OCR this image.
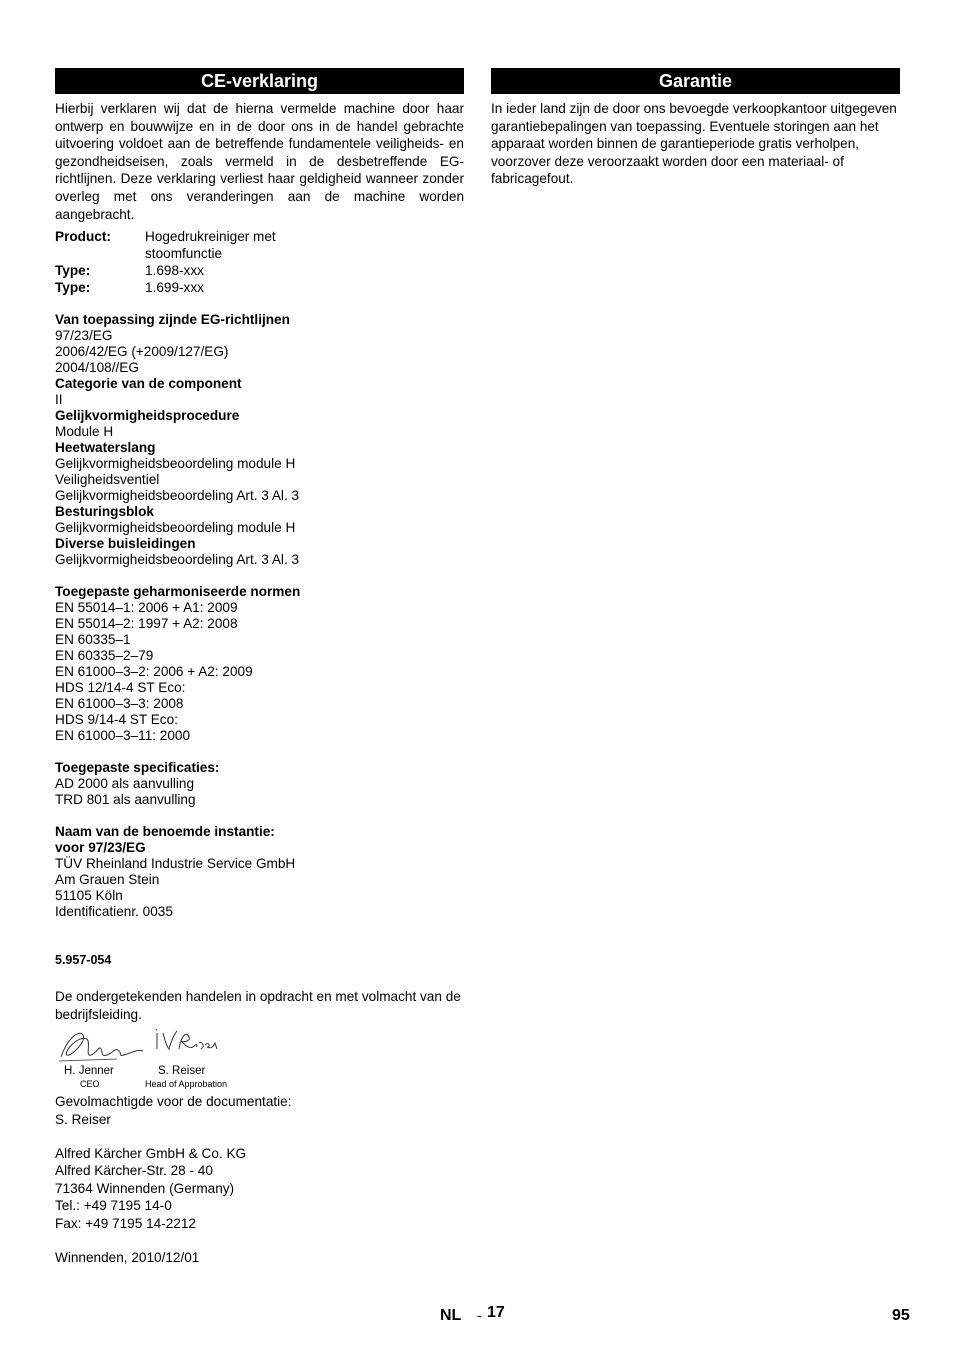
CE-verklaring
Hierbij verklaren wij dat de hierna vermelde machine door haar ontwerp en bouwwijze en in de door ons in de handel gebrachte uitvoering voldoet aan de betreffende fundamentele veiligheids- en gezondheidseisen, zoals vermeld in de desbetreffende EG-richtlijnen. Deze verklaring verliest haar geldigheid wanneer zonder overleg met ons veranderingen aan de machine worden aangebracht.
Product:	Hogedrukreiniger met
	stoomfunctie
Type:	1.698-xxx
Type:	1.699-xxx
Van toepassing zijnde EG-richtlijnen
97/23/EG
2006/42/EG (+2009/127/EG)
2004/108//EG
Categorie van de component
II
Gelijkvormigheidsprocedure
Module H
Heetwaterslang
Gelijkvormigheidsbeoordeling module H
Veiligheidsventiel
Gelijkvormigheidsbeoordeling Art. 3 Al. 3
Besturingsblok
Gelijkvormigheidsbeoordeling module H
Diverse buisleidingen
Gelijkvormigheidsbeoordeling Art. 3 Al. 3
Toegepaste geharmoniseerde normen
EN 55014–1: 2006 + A1: 2009
EN 55014–2: 1997 + A2: 2008
EN 60335–1
EN 60335–2–79
EN 61000–3–2: 2006 + A2: 2009
HDS 12/14-4 ST Eco:
EN 61000–3–3: 2008
HDS 9/14-4 ST Eco:
EN 61000–3–11: 2000
Toegepaste specificaties:
AD 2000 als aanvulling
TRD 801 als aanvulling
Naam van de benoemde instantie:
voor 97/23/EG
TÜV Rheinland Industrie Service GmbH
Am Grauen Stein
51105 Köln
Identificatienr. 0035
5.957-054
De ondergetekenden handelen in opdracht en met volmacht van de bedrijfsleiding.
H. Jenner
CEO
S. Reiser
Head of Approbation
Gevolmachtigde voor de documentatie:
S. Reiser
Alfred Kärcher GmbH & Co. KG
Alfred Kärcher-Str. 28 - 40
71364 Winnenden (Germany)
Tel.: +49 7195 14-0
Fax: +49 7195 14-2212
Winnenden, 2010/12/01
Garantie
In ieder land zijn de door ons bevoegde verkoopkantoor uitgegeven garantiebepalingen van toepassing. Eventuele storingen aan het apparaat worden binnen de garantieperiode gratis verholpen, voorzover deze veroorzaakt worden door een materiaal- of fabricagefout.
NL - 17	95
